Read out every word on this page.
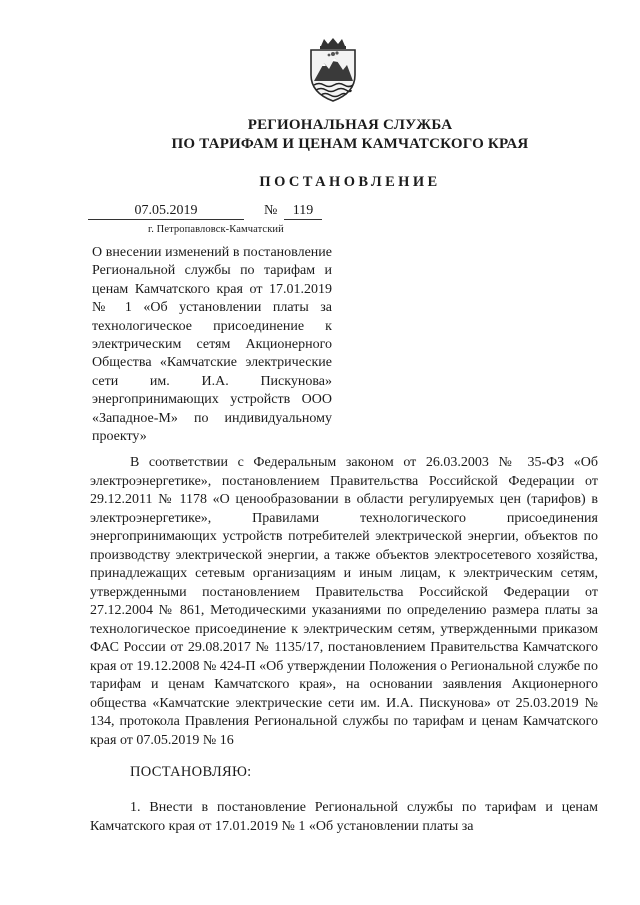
РЕГИОНАЛЬНАЯ СЛУЖБА
ПО ТАРИФАМ И ЦЕНАМ КАМЧАТСКОГО КРАЯ
ПОСТАНОВЛЕНИЕ
07.05.2019	№	119
г. Петропавловск-Камчатский
О внесении изменений в постановление Региональной службы по тарифам и ценам Камчатского края от 17.01.2019 № 1 «Об установлении платы за технологическое присоединение к электрическим сетям Акционерного Общества «Камчатские электрические сети им. И.А. Пискунова» энергопринимающих устройств ООО «Западное-М» по индивидуальному проекту»
В соответствии с Федеральным законом от 26.03.2003 № 35-ФЗ «Об электроэнергетике», постановлением Правительства Российской Федерации от 29.12.2011 № 1178 «О ценообразовании в области регулируемых цен (тарифов) в электроэнергетике», Правилами технологического присоединения энергопринимающих устройств потребителей электрической энергии, объектов по производству электрической энергии, а также объектов электросетевого хозяйства, принадлежащих сетевым организациям и иным лицам, к электрическим сетям, утвержденными постановлением Правительства Российской Федерации от 27.12.2004 № 861, Методическими указаниями по определению размера платы за технологическое присоединение к электрическим сетям, утвержденными приказом ФАС России от 29.08.2017 № 1135/17, постановлением Правительства Камчатского края от 19.12.2008 № 424-П «Об утверждении Положения о Региональной службе по тарифам и ценам Камчатского края», на основании заявления Акционерного общества «Камчатские электрические сети им. И.А. Пискунова» от 25.03.2019 № 134, протокола Правления Региональной службы по тарифам и ценам Камчатского края от 07.05.2019 № 16
ПОСТАНОВЛЯЮ:
1. Внести в постановление Региональной службы по тарифам и ценам Камчатского края от 17.01.2019 № 1 «Об установлении платы за
